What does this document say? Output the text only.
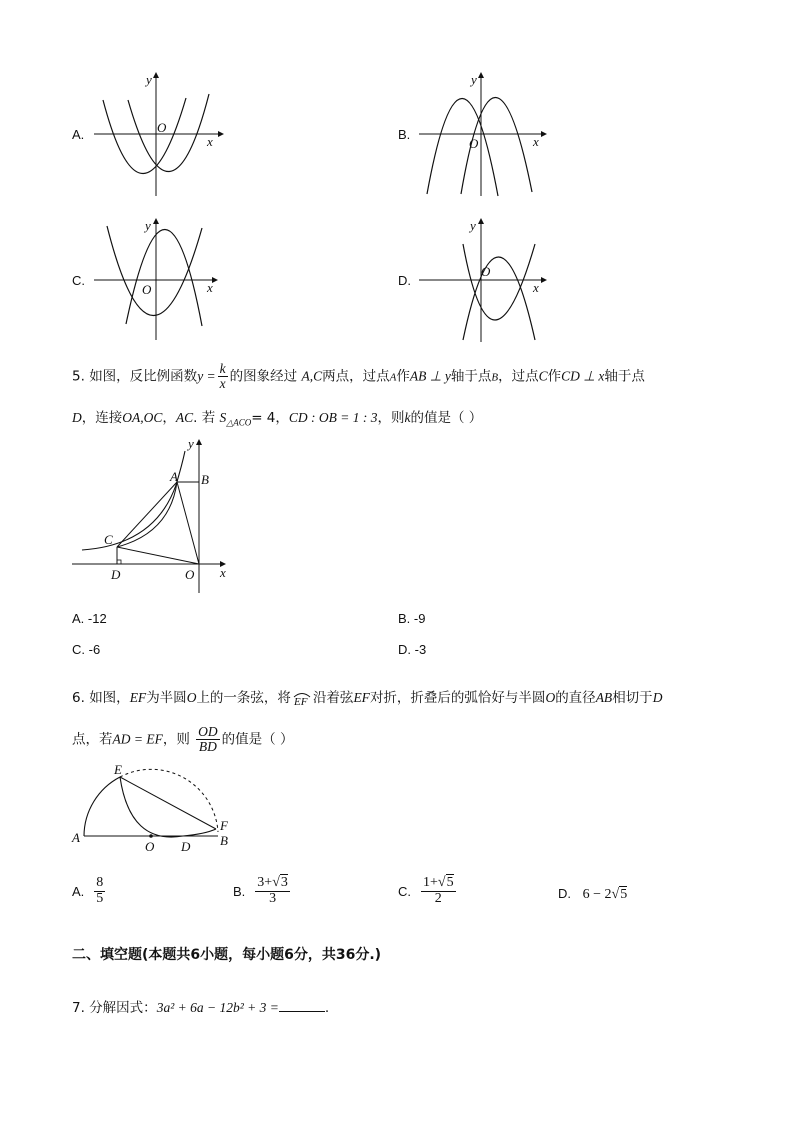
A.	x
y
O	B.	x
y
O
C.	x
y
O
D.	x
y
O
5. 如图，反比例函数$y = \frac{k}{x}$ 的图象经过 A,C两点，过点A作AB ⊥ y轴于点B，过点C作CD ⊥ x轴于点
D，连接OA,OC，AC. 若 $S_{\triangle ACO}= 4$，CD : OB = 1 : 3，则k的值是（ ）
A B
C
D	O x
y
A. -12	B. -9
C. -6	D. -3
6. 如图，EF为半圆O上的一条弦，将 EF 沿着弦EF对折，折叠后的弧恰好与半圆O的直径AB相切于D
点，若AD = EF，则 $\frac{OD}{BD}$ 的值是（ ）
E
F
A
O D B
A. $\frac{8}{5}$	B. $\frac{3+√3}{3}$	C. $\frac{1+√5}{2}$	D. 6 − 2√5
二、填空题(本题共6小题，每小题6分，共36分.)
7. 分解因式：3a² + 6a − 12b² + 3 =	.
